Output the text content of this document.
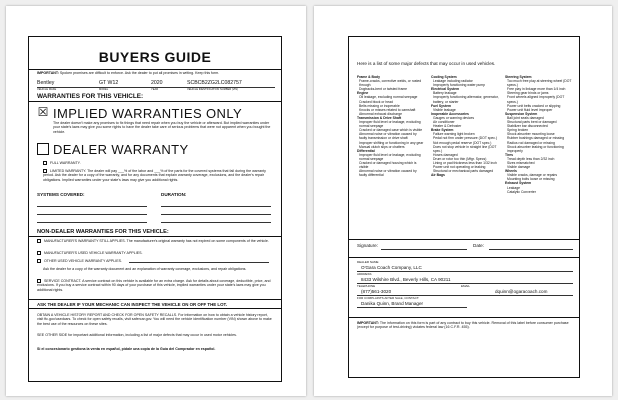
BUYERS GUIDE
IMPORTANT: Spoken promises are difficult to enforce. Ask the dealer to put all promises in writing. Keep this form.
Bentley	GT W12	2020	SCBCB2ZG2LC082757
VEHICLE MAKE	MODEL	YEAR	VEHICLE IDENTIFICATION NUMBER (VIN)
WARRANTIES FOR THIS VEHICLE:
☒ IMPLIED WARRANTIES ONLY
The dealer doesn't make any promises to fix things that need repair when you buy the vehicle or afterward. But implied warranties under your state's laws may give you some rights to have the dealer take care of serious problems that were not apparent when you bought the vehicle.
DEALER WARRANTY
FULL WARRANTY.
LIMITED WARRANTY. The dealer will pay ___% of the labor and ___% of the parts for the covered systems that fail during the warranty period. Ask the dealer for a copy of the warranty, and for any documents that explain warranty coverage, exclusions, and the dealer's repair obligations. Implied warranties under your state's laws may give you additional rights.
SYSTEMS COVERED:	DURATION:
NON-DEALER WARRANTIES FOR THIS VEHICLE:
MANUFACTURER'S WARRANTY STILL APPLIES. The manufacturer's original warranty has not expired on some components of the vehicle.
MANUFACTURER'S USED VEHICLE WARRANTY APPLIES.
OTHER USED VEHICLE WARRANTY APPLIES.
Ask the dealer for a copy of the warranty document and an explanation of warranty coverage, exclusions, and repair obligations.
SERVICE CONTRACT. A service contract on this vehicle is available for an extra charge. Ask for details about coverage, deductible, price, and exclusions. If you buy a service contract within 90 days of your purchase of this vehicle, implied warranties under your state's laws may give you additional rights.
ASK THE DEALER IF YOUR MECHANIC CAN INSPECT THE VEHICLE ON OR OFF THE LOT.
OBTAIN A VEHICLE HISTORY REPORT AND CHECK FOR OPEN SAFETY RECALLS. For information on how to obtain a vehicle history report, visit ftc.gov/usedcars. To check for open safety recalls, visit safercar.gov. You will need the vehicle identification number (VIN) shown above to make the best use of the resources on these sites.
SEE OTHER SIDE for important additional information, including a list of major defects that may occur in used motor vehicles.
Si el concesionario gestiona la venta en español, pídale una copia de la Guía del Comprador en español.
Here is a list of some major defects that may occur in used vehicles.
Frame & Body
Frame-cracks, corrective welds, or rusted through
Dogtracks-bent or twisted frame
Engine
Oil leakage, excluding normal seepage
Cracked block or head
Belts missing or inoperable
Knocks or misses related to camshaft
Abnormal exhaust discharge
Transmission & Drive Shaft
Improper fluid level or leakage, excluding normal seepage
Cracked or damaged case which is visible
Abnormal noise or vibration caused by faulty transmission or drive shaft
Improper shifting or functioning in any gear
Manual clutch slips or chatters
Differential
Improper fluid level or leakage, excluding normal seepage
Cracked or damaged housing which is visible
Abnormal noise or vibration caused by faulty differential
Cooling System
Leakage including radiator
Improperly functioning water pump
Electrical System
Battery leakage
Improperly functioning alternator, generator, battery, or starter
Fuel System
Visible leakage
Inoperable Accessories
Gauges or warning devices
Air conditioner
Heater & Defroster
Brake System
Failure warning light broken
Pedal not firm under pressure (DOT spec.)
Not enough pedal reserve (DOT spec.)
Does not stop vehicle in straight line (DOT spec.)
Hoses damaged
Drum or rotor too thin (Mfgr. Specs)
Lining or pad thickness less than 1/32 inch
Power unit not operating or leaking
Structural or mechanical parts damaged
Air Bags
Steering System
Too much free play at steering wheel (DOT specs.)
Free play in linkage more than 1/4 inch
Steering gear binds or jams
Front wheels aligned improperly (DOT specs.)
Power unit belts cracked or slipping
Power unit fluid level improper
Suspension System
Ball joint seals damaged
Structural parts bent or damaged
Stabilizer bar disconnected
Spring broken
Shock absorber mounting loose
Rubber bushings damaged or missing
Radius rod damaged or missing
Shock absorber leaking or functioning improperly
Tires
Tread depth less than 2/32 inch
Sizes mismatched
Visible damage
Wheels
Visible cracks, damage or repairs
Mounting bolts loose or missing
Exhaust System
Leakage
Catalytic Converter
Signature:	Date:
DEALER NAME
O'Gara Coach Company, LLC
ADDRESS
8433 Wilshire Blvd., Beverly Hills, CA 90211
TELEPHONE	EMAIL
(877)561-3020	dquinn@ogaracoach.com
FOR COMPLAINTS AFTER SALE, CONTACT:
Danika Quinn, Brand Manager
IMPORTANT: The information on this form is part of any contract to buy this vehicle. Removal of this label before consumer purchase (except for purpose of test-driving) violates federal law (16 C.F.R. 455).
